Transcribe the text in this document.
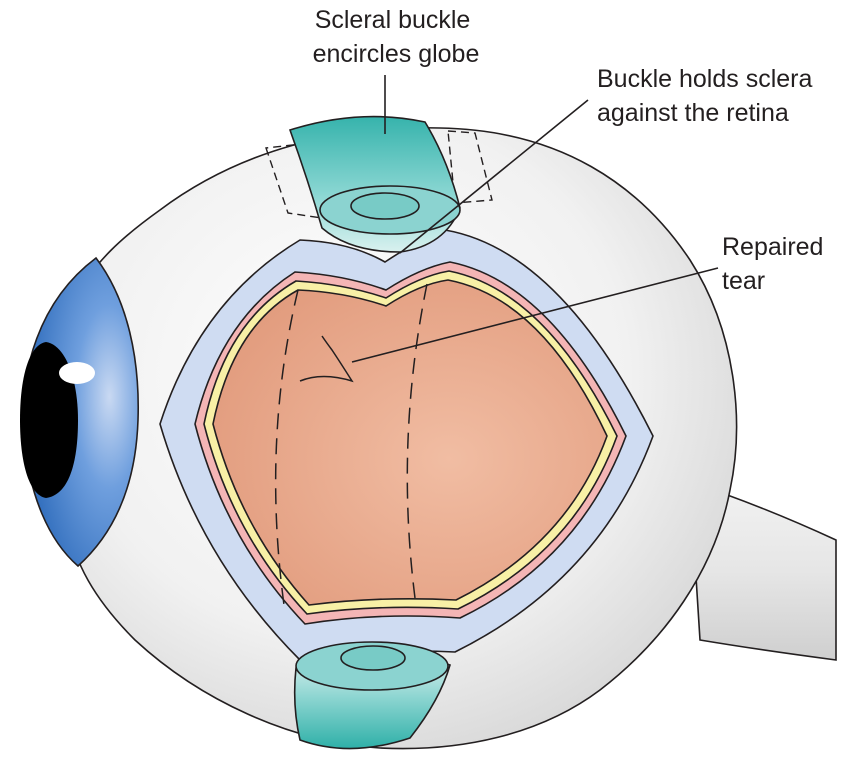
Scleral buckle encircles globe
Buckle holds sclera against the retina
Repaired tear
